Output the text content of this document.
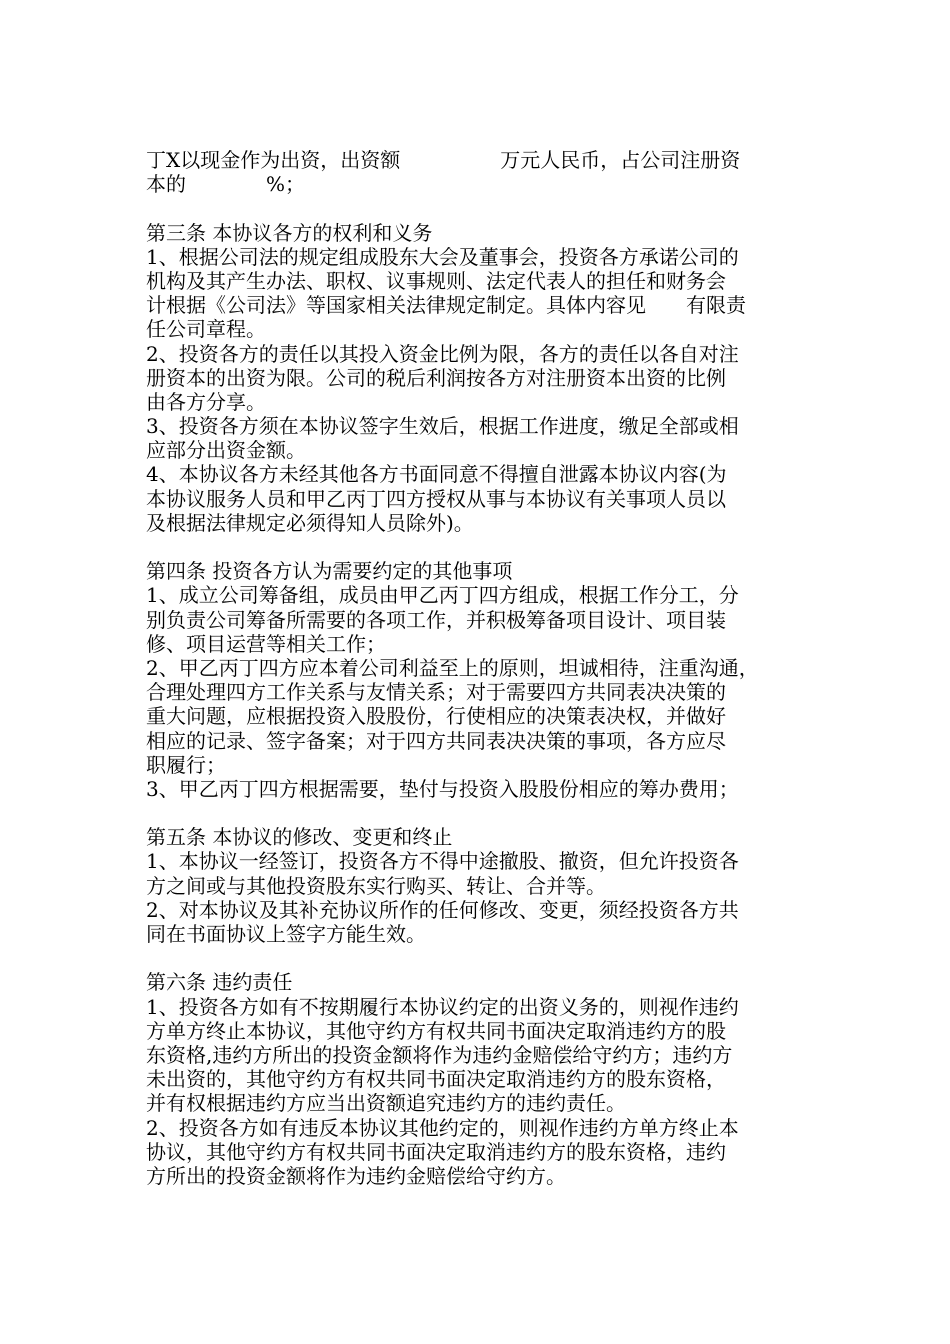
丁X以现金作为出资，出资额　　　　　万元人民币，占公司注册资
本的　　　　%；
第三条 本协议各方的权利和义务
1、根据公司法的规定组成股东大会及董事会，投资各方承诺公司的
机构及其产生办法、职权、议事规则、法定代表人的担任和财务会
计根据《公司法》等国家相关法律规定制定。具体内容见　　有限责
任公司章程。
2、投资各方的责任以其投入资金比例为限，各方的责任以各自对注
册资本的出资为限。公司的税后利润按各方对注册资本出资的比例
由各方分享。
3、投资各方须在本协议签字生效后，根据工作进度，缴足全部或相
应部分出资金额。
4、本协议各方未经其他各方书面同意不得擅自泄露本协议内容(为
本协议服务人员和甲乙丙丁四方授权从事与本协议有关事项人员以
及根据法律规定必须得知人员除外)。
第四条 投资各方认为需要约定的其他事项
1、成立公司筹备组，成员由甲乙丙丁四方组成，根据工作分工，分
别负责公司筹备所需要的各项工作，并积极筹备项目设计、项目装
修、项目运营等相关工作；
2、甲乙丙丁四方应本着公司利益至上的原则，坦诚相待，注重沟通，
合理处理四方工作关系与友情关系；对于需要四方共同表决决策的
重大问题，应根据投资入股股份，行使相应的决策表决权，并做好
相应的记录、签字备案；对于四方共同表决决策的事项，各方应尽
职履行；
3、甲乙丙丁四方根据需要，垫付与投资入股股份相应的筹办费用；
第五条 本协议的修改、变更和终止
1、本协议一经签订，投资各方不得中途撤股、撤资，但允许投资各
方之间或与其他投资股东实行购买、转让、合并等。
2、对本协议及其补充协议所作的任何修改、变更，须经投资各方共
同在书面协议上签字方能生效。
第六条 违约责任
1、投资各方如有不按期履行本协议约定的出资义务的，则视作违约
方单方终止本协议，其他守约方有权共同书面决定取消违约方的股
东资格,违约方所出的投资金额将作为违约金赔偿给守约方；违约方
未出资的，其他守约方有权共同书面决定取消违约方的股东资格，
并有权根据违约方应当出资额追究违约方的违约责任。
2、投资各方如有违反本协议其他约定的，则视作违约方单方终止本
协议，其他守约方有权共同书面决定取消违约方的股东资格，违约
方所出的投资金额将作为违约金赔偿给守约方。
